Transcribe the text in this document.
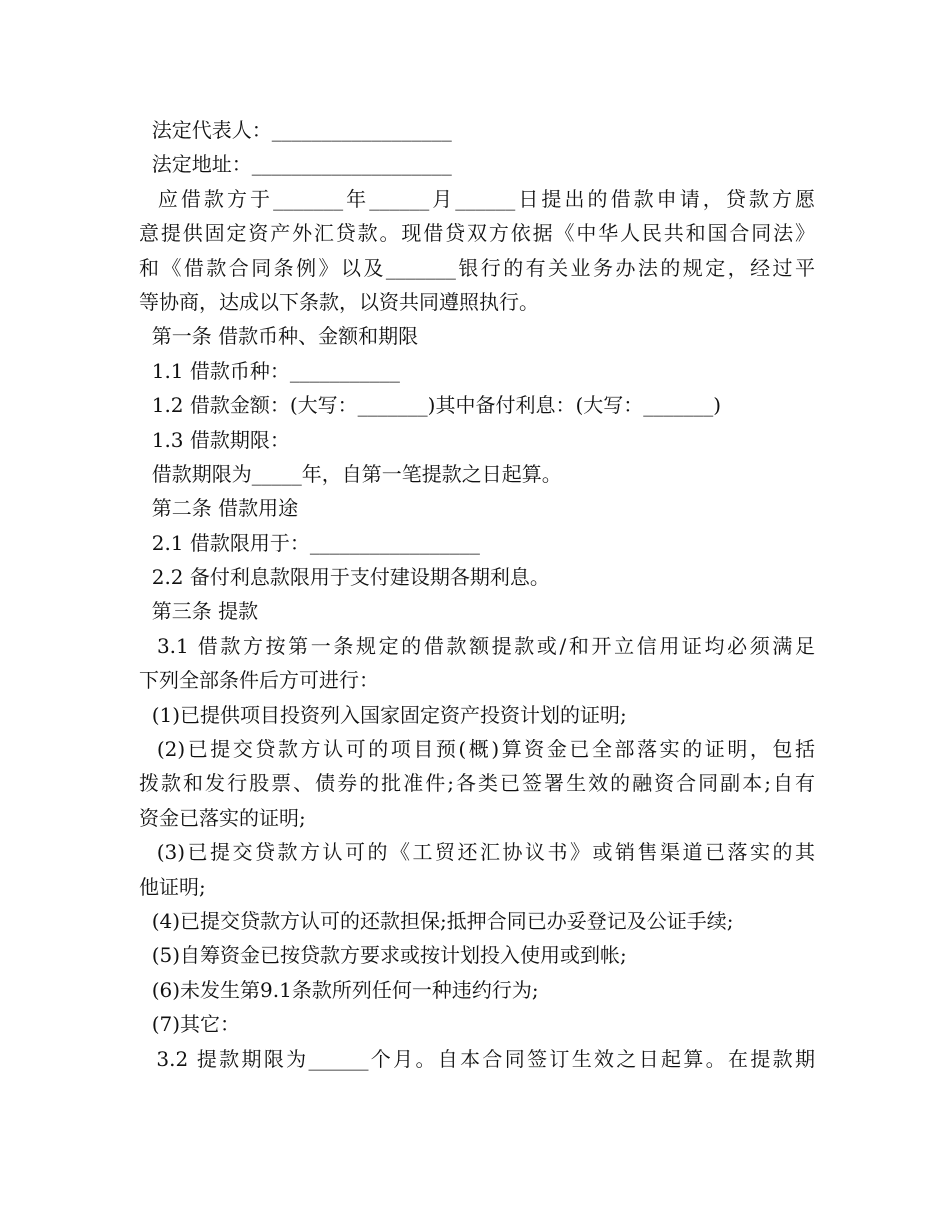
法定代表人：__________________
法定地址：____________________
应借款方于_______年______月______日提出的借款申请，贷款方愿
意提供固定资产外汇贷款。现借贷双方依据《中华人民共和国合同法》
和《借款合同条例》以及_______银行的有关业务办法的规定，经过平
等协商，达成以下条款，以资共同遵照执行。
第一条 借款币种、金额和期限
1.1 借款币种：___________
1.2 借款金额：(大写：_______)其中备付利息：(大写：_______)
1.3 借款期限：
借款期限为_____年，自第一笔提款之日起算。
第二条 借款用途
2.1 借款限用于：_________________
2.2 备付利息款限用于支付建设期各期利息。
第三条 提款
3.1 借款方按第一条规定的借款额提款或/和开立信用证均必须满足
下列全部条件后方可进行：
(1)已提供项目投资列入国家固定资产投资计划的证明;
(2)已提交贷款方认可的项目预(概)算资金已全部落实的证明，包括
拨款和发行股票、债券的批准件;各类已签署生效的融资合同副本;自有
资金已落实的证明;
(3)已提交贷款方认可的《工贸还汇协议书》或销售渠道已落实的其
他证明;
(4)已提交贷款方认可的还款担保;抵押合同已办妥登记及公证手续;
(5)自筹资金已按贷款方要求或按计划投入使用或到帐;
(6)未发生第9.1条款所列任何一种违约行为;
(7)其它：
3.2 提款期限为______个月。自本合同签订生效之日起算。在提款期
